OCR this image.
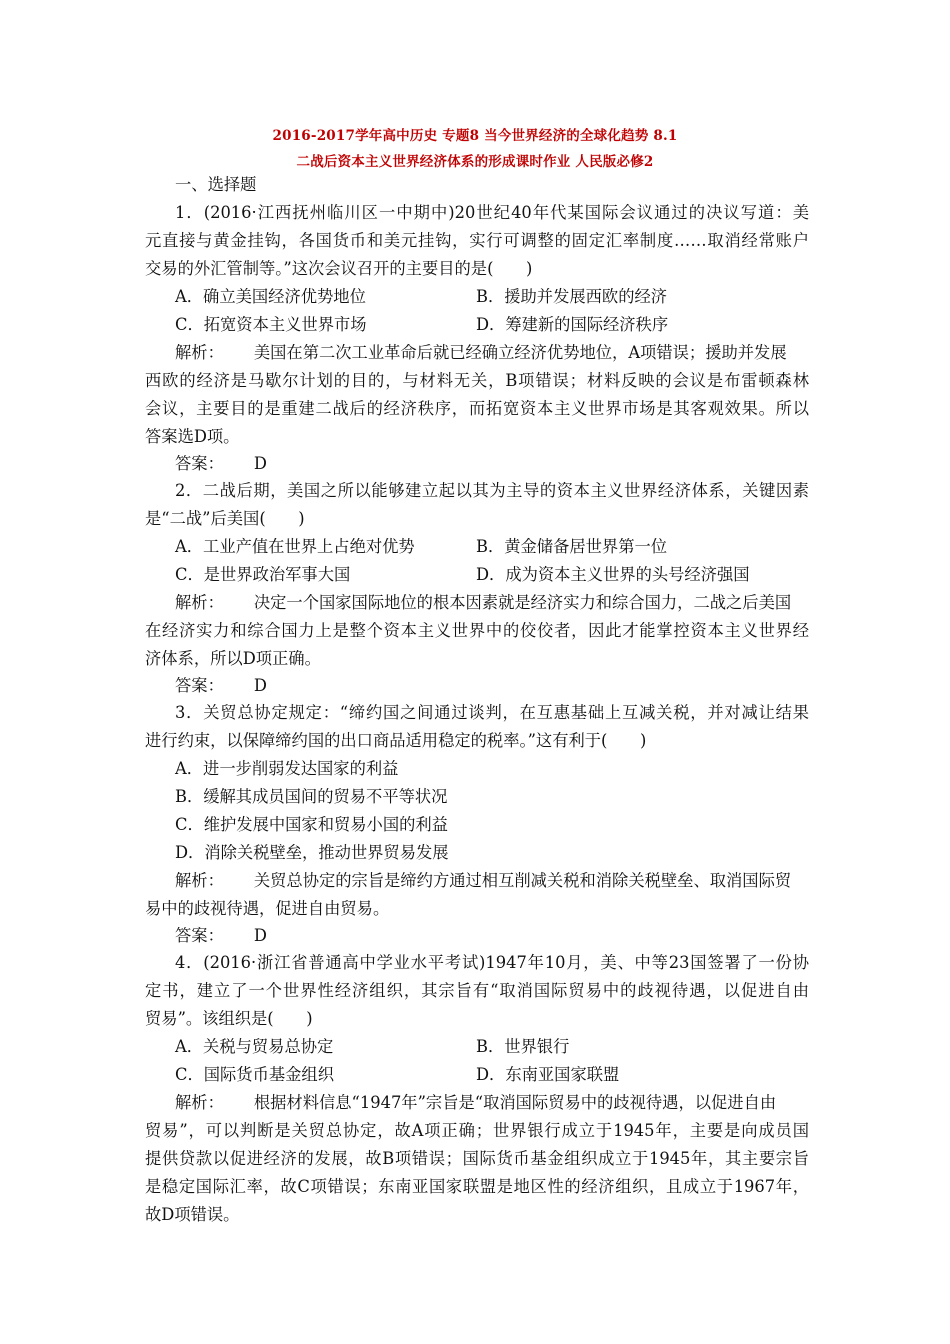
2016-2017学年高中历史 专题8 当今世界经济的全球化趋势 8.1
二战后资本主义世界经济体系的形成课时作业 人民版必修2
一、选择题
1．(2016·江西抚州临川区一中期中)20世纪40年代某国际会议通过的决议写道：美
元直接与黄金挂钩，各国货币和美元挂钩，实行可调整的固定汇率制度……取消经常账户
交易的外汇管制等。”这次会议召开的主要目的是(　　)
A．确立美国经济优势地位	B．援助并发展西欧的经济
C．拓宽资本主义世界市场	D．筹建新的国际经济秩序
解析： 美国在第二次工业革命后就已经确立经济优势地位，A项错误；援助并发展
西欧的经济是马歇尔计划的目的，与材料无关，B项错误；材料反映的会议是布雷顿森林
会议，主要目的是重建二战后的经济秩序，而拓宽资本主义世界市场是其客观效果。所以
答案选D项。
答案： D
2．二战后期，美国之所以能够建立起以其为主导的资本主义世界经济体系，关键因素
是“二战”后美国(　　)
A．工业产值在世界上占绝对优势	B．黄金储备居世界第一位
C．是世界政治军事大国	D．成为资本主义世界的头号经济强国
解析： 决定一个国家国际地位的根本因素就是经济实力和综合国力，二战之后美国
在经济实力和综合国力上是整个资本主义世界中的佼佼者，因此才能掌控资本主义世界经
济体系，所以D项正确。
答案： D
3．关贸总协定规定：“缔约国之间通过谈判，在互惠基础上互减关税，并对减让结果
进行约束，以保障缔约国的出口商品适用稳定的税率。”这有利于(　　)
A．进一步削弱发达国家的利益
B．缓解其成员国间的贸易不平等状况
C．维护发展中国家和贸易小国的利益
D．消除关税壁垒，推动世界贸易发展
解析： 关贸总协定的宗旨是缔约方通过相互削减关税和消除关税壁垒、取消国际贸
易中的歧视待遇，促进自由贸易。
答案： D
4．(2016·浙江省普通高中学业水平考试)1947年10月，美、中等23国签署了一份协
定书，建立了一个世界性经济组织，其宗旨有“取消国际贸易中的歧视待遇，以促进自由
贸易”。该组织是(　　)
A．关税与贸易总协定	B．世界银行
C．国际货币基金组织	D．东南亚国家联盟
解析： 根据材料信息“1947年”宗旨是“取消国际贸易中的歧视待遇，以促进自由
贸易”，可以判断是关贸总协定，故A项正确；世界银行成立于1945年，主要是向成员国
提供贷款以促进经济的发展，故B项错误；国际货币基金组织成立于1945年，其主要宗旨
是稳定国际汇率，故C项错误；东南亚国家联盟是地区性的经济组织，且成立于1967年，
故D项错误。
